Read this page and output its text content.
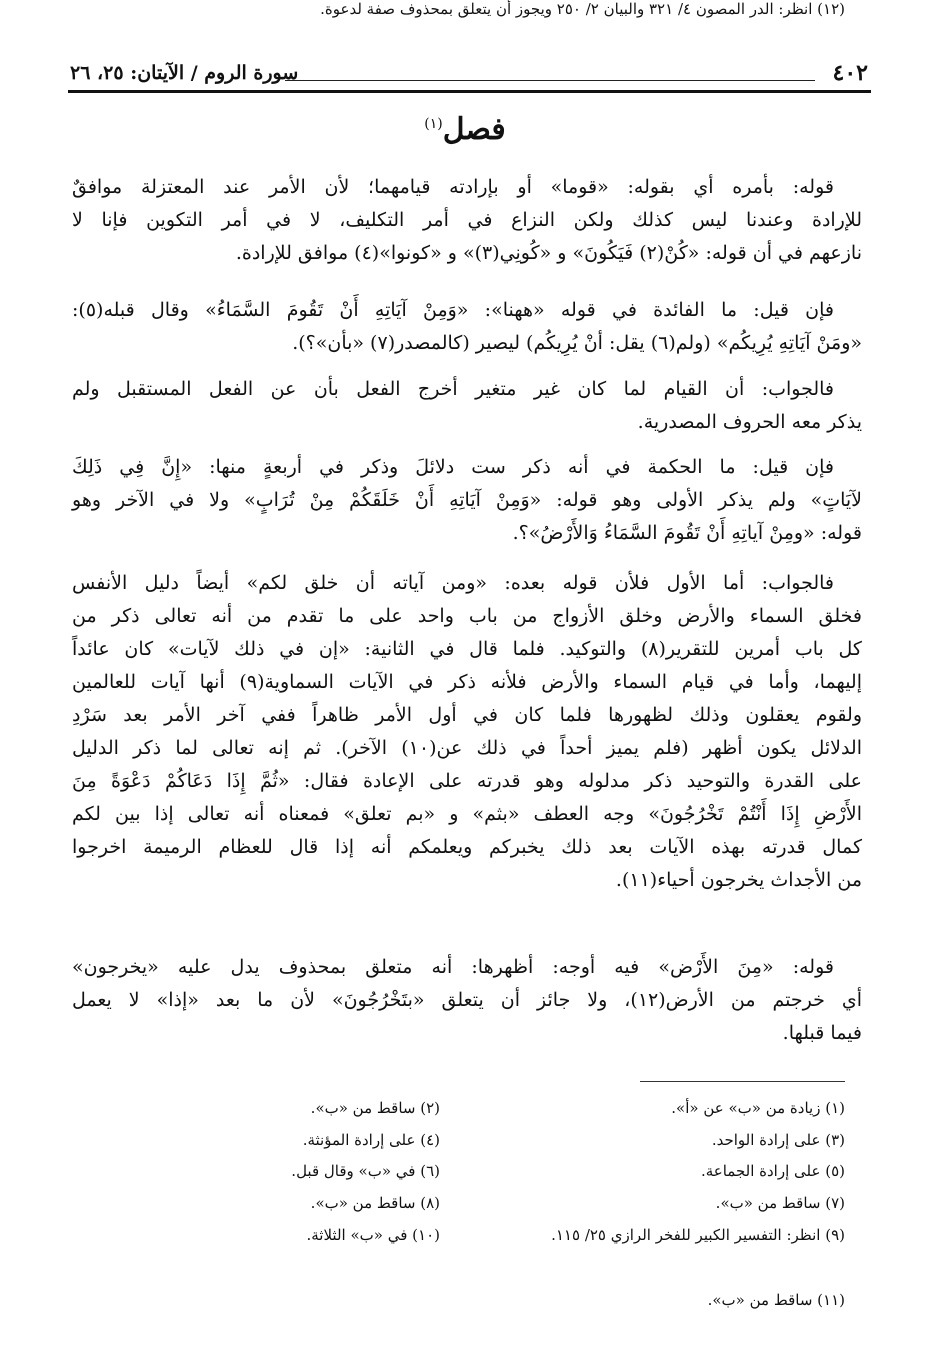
٤٠٢
سورة الروم / الآيتان: ٢٥، ٢٦
فصل$^{(١)}$
قوله: بأمره أي بقوله: «قوما» أو بإرادته قيامهما؛ لأن الأمر عند المعتزلة موافقٌ
للإرادة وعندنا ليس كذلك ولكن النزاع في أمر التكليف، لا في أمر التكوين فإنا لا
نازعهم في أن قوله: «كُنْ(٢) فَيَكُونَ» و «كُونِي(٣)» و «كونوا»(٤) موافق للإرادة.
فإن قيل: ما الفائدة في قوله «ههنا»: «وَمِنْ آيَاتِهِ أَنْ تَقُومَ السَّمَاءُ» وقال قبله(٥):
«ومَنْ آيَاتِهِ يُرِيكُم» (ولم(٦) يقل: أنْ يُرِيكُم) ليصير (كالمصدر(٧) «بأن»؟).
فالجواب: أن القيام لما كان غير متغير أخرج الفعل بأن عن الفعل المستقبل ولم
يذكر معه الحروف المصدرية.
فإن قيل: ما الحكمة في أنه ذكر ست دلائلَ وذكر في أربعةٍ منها: «إِنَّ فِي ذَلِكَ
لآيَاتٍ» ولم يذكر الأولى وهو قوله: «وَمِنْ آيَاتِهِ أَنْ خَلَقَكُمْ مِنْ تُرَابٍ» ولا في الآخر وهو
قوله: «ومِنْ آياتِهِ أَنْ تَقُومَ السَّمَاءُ وَالأَرْضُ»؟.
فالجواب: أما الأول فلأن قوله بعده: «ومن آياته أن خلق لكم» أيضاً دليل الأنفس
فخلق السماء والأرض وخلق الأزواج من باب واحد على ما تقدم من أنه تعالى ذكر من
كل باب أمرين للتقرير(٨) والتوكيد. فلما قال في الثانية: «إن في ذلك لآيات» كان عائداً
إليهما، وأما في قيام السماء والأرض فلأنه ذكر في الآيات السماوية(٩) أنها آيات للعالمين
ولقوم يعقلون وذلك لظهورها فلما كان في أول الأمر ظاهراً ففي آخر الأمر بعد سَرْدِ
الدلائل يكون أظهر (فلم يميز أحداً في ذلك عن(١٠) الآخر). ثم إنه تعالى لما ذكر الدليل
على القدرة والتوحيد ذكر مدلوله وهو قدرته على الإعادة فقال: «ثُمَّ إِذَا دَعَاكُمْ دَعْوَةً مِنَ
الأَرْضِ إِذَا أَنْتُمْ تَخْرُجُونَ» وجه العطف «بثم» و «بم تعلق» فمعناه أنه تعالى إذا بين لكم
كمال قدرته بهذه الآيات بعد ذلك يخبركم ويعلمكم أنه إذا قال للعظام الرميمة اخرجوا
من الأجداث يخرجون أحياء(١١).
قوله: «مِنَ الأَرْض» فيه أوجه: أظهرها: أنه متعلق بمحذوف يدل عليه «يخرجون»
أي خرجتم من الأرض(١٢)، ولا جائز أن يتعلق «بتَخْرُجُونَ» لأن ما بعد «إذا» لا يعمل
فيما قبلها.
(١) زيادة من «ب» عن «أ».
(٢) ساقط من «ب».
(٣) على إرادة الواحد.
(٤) على إرادة المؤنثة.
(٥) على إرادة الجماعة.
(٦) في «ب» وقال قبل.
(٧) ساقط من «ب».
(٨) ساقط من «ب».
(٩) انظر: التفسير الكبير للفخر الرازي ٢٥/ ١١٥.
(١٠) في «ب» الثلاثة.
(١١) ساقط من «ب».
(١٢) انظر: الدر المصون ٤/ ٣٢١ والبيان ٢/ ٢٥٠ ويجوز أن يتعلق بمحذوف صفة لدعوة.
